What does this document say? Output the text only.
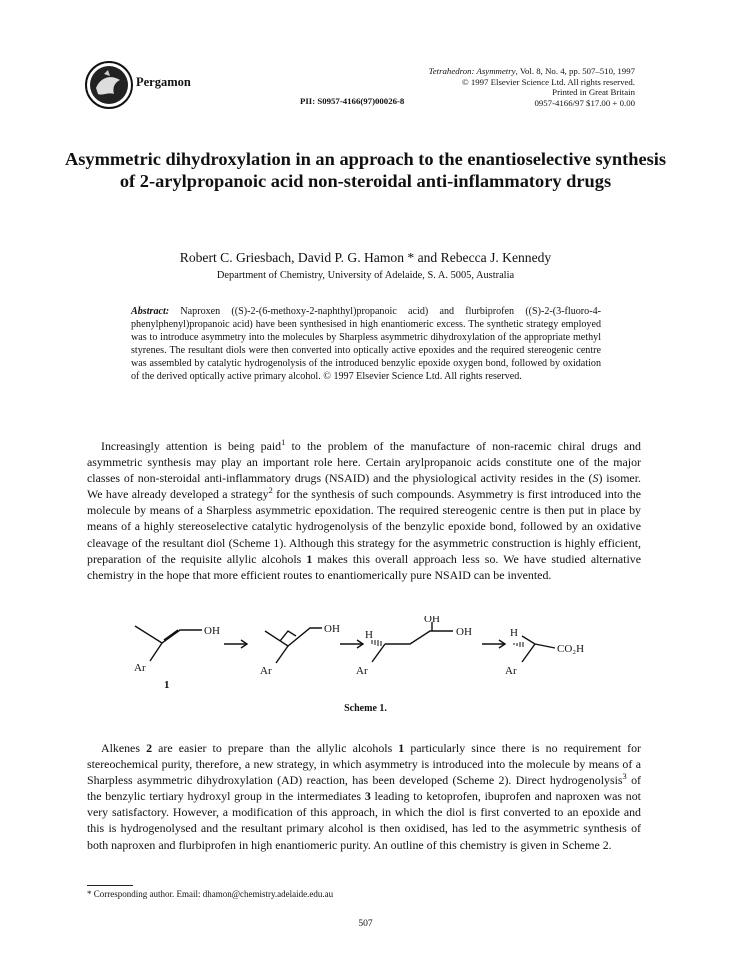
Pergamon
PII: S0957-4166(97)00026-8
Tetrahedron: Asymmetry, Vol. 8, No. 4, pp. 507–510, 1997
© 1997 Elsevier Science Ltd. All rights reserved.
Printed in Great Britain
0957-4166/97 $17.00 + 0.00
Asymmetric dihydroxylation in an approach to the enantioselective synthesis of 2-arylpropanoic acid non-steroidal anti-inflammatory drugs
Robert C. Griesbach, David P. G. Hamon * and Rebecca J. Kennedy
Department of Chemistry, University of Adelaide, S. A. 5005, Australia
Abstract: Naproxen ((S)-2-(6-methoxy-2-naphthyl)propanoic acid) and flurbiprofen ((S)-2-(3-fluoro-4-phenylphenyl)propanoic acid) have been synthesised in high enantiomeric excess. The synthetic strategy employed was to introduce asymmetry into the molecules by Sharpless asymmetric dihydroxylation of the appropriate methyl styrenes. The resultant diols were then converted into optically active epoxides and the required stereogenic centre was assembled by catalytic hydrogenolysis of the introduced benzylic epoxide oxygen bond, followed by oxidation of the derived optically active primary alcohol. © 1997 Elsevier Science Ltd. All rights reserved.
Increasingly attention is being paid$^1$ to the problem of the manufacture of non-racemic chiral drugs and asymmetric synthesis may play an important role here. Certain arylpropanoic acids constitute one of the major classes of non-steroidal anti-inflammatory drugs (NSAID) and the physiological activity resides in the (S) isomer. We have already developed a strategy$^2$ for the synthesis of such compounds. Asymmetry is first introduced into the molecule by means of a Sharpless asymmetric epoxidation. The required stereogenic centre is then put in place by means of a highly stereoselective catalytic hydrogenolysis of the benzylic epoxide bond, followed by an oxidative cleavage of the resultant diol (Scheme 1). Although this strategy for the asymmetric construction is highly efficient, preparation of the requisite allylic alcohols 1 makes this overall approach less so. We have studied alternative chemistry in the hope that more efficient routes to enantiomerically pure NSAID can be invented.
OH
Ar
1
OH
Ar
H
OH
OH
Ar
H
CO₂H
Ar
Scheme 1.
Alkenes 2 are easier to prepare than the allylic alcohols 1 particularly since there is no requirement for stereochemical purity, therefore, a new strategy, in which asymmetry is introduced into the molecule by means of a Sharpless asymmetric dihydroxylation (AD) reaction, has been developed (Scheme 2). Direct hydrogenolysis$^3$ of the benzylic tertiary hydroxyl group in the intermediates 3 leading to ketoprofen, ibuprofen and naproxen was not very satisfactory. However, a modification of this approach, in which the diol is first converted to an epoxide and this is hydrogenolysed and the resultant primary alcohol is then oxidised, has led to the asymmetric synthesis of both naproxen and flurbiprofen in high enantiomeric purity. An outline of this chemistry is given in Scheme 2.
* Corresponding author. Email: dhamon@chemistry.adelaide.edu.au
507
